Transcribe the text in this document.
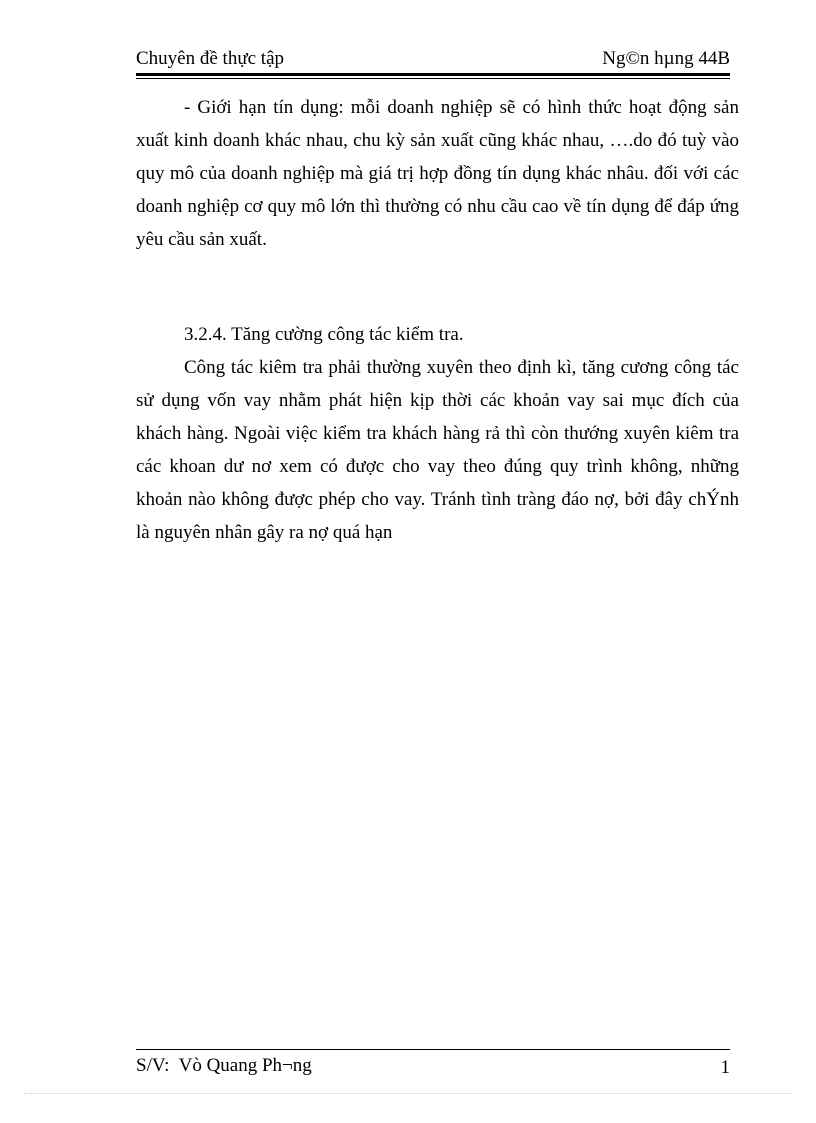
Chuyên đề thực tập	Ng©n hµng 44B

- Giới hạn tín dụng: mỗi doanh nghiệp sẽ có hình thức hoạt động sản xuất kinh doanh khác nhau, chu kỳ sản xuất cũng khác nhau, ….do đó tuỳ vào quy mô của doanh nghiệp mà giá trị hợp đồng tín dụng khác nhâu. đối với các doanh nghiệp cơ quy mô lớn thì thường có nhu cầu cao về tín dụng để đáp ứng yêu cầu sản xuất.

3.2.4. Tăng cường công tác kiểm tra.

Công tác kiêm tra phải thường xuyên theo định kì, tăng cương công tác sử dụng vốn vay nhằm phát hiện kịp thời các khoản vay sai mục đích của khách hàng. Ngoài việc kiểm tra khách hàng rả thì còn thướng xuyên kiêm tra các khoan dư nơ xem có được cho vay theo đúng quy trình không, những khoản nào không được phép cho vay. Tránh tình tràng đáo nợ, bởi đây chÝnh là nguyên nhân gây ra nợ quá hạn

S/V:  Vò Quang Ph¬ng	1
